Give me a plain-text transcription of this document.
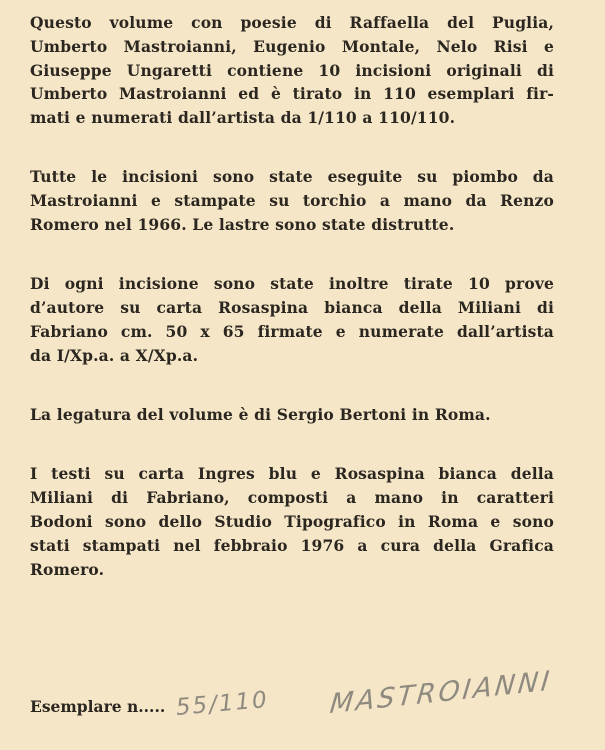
Questo volume con poesie di Raffaella del Puglia,
Umberto Mastroianni, Eugenio Montale, Nelo Risi e
Giuseppe Ungaretti contiene 10 incisioni originali di
Umberto Mastroianni ed è tirato in 110 esemplari fir-
mati e numerati dall’artista da 1/110 a 110/110.

Tutte le incisioni sono state eseguite su piombo da
Mastroianni e stampate su torchio a mano da Renzo
Romero nel 1966. Le lastre sono state distrutte.

Di ogni incisione sono state inoltre tirate 10 prove
d’autore su carta Rosaspina bianca della Miliani di
Fabriano cm. 50 x 65 firmate e numerate dall’artista
da I/Xp.a. a X/Xp.a.

La legatura del volume è di Sergio Bertoni in Roma.

I testi su carta Ingres blu e Rosaspina bianca della
Miliani di Fabriano, composti a mano in caratteri
Bodoni sono dello Studio Tipografico in Roma e sono
stati stampati nel febbraio 1976 a cura della Grafica
Romero.

Esemplare n..... 55/110 MASTROIANNI
